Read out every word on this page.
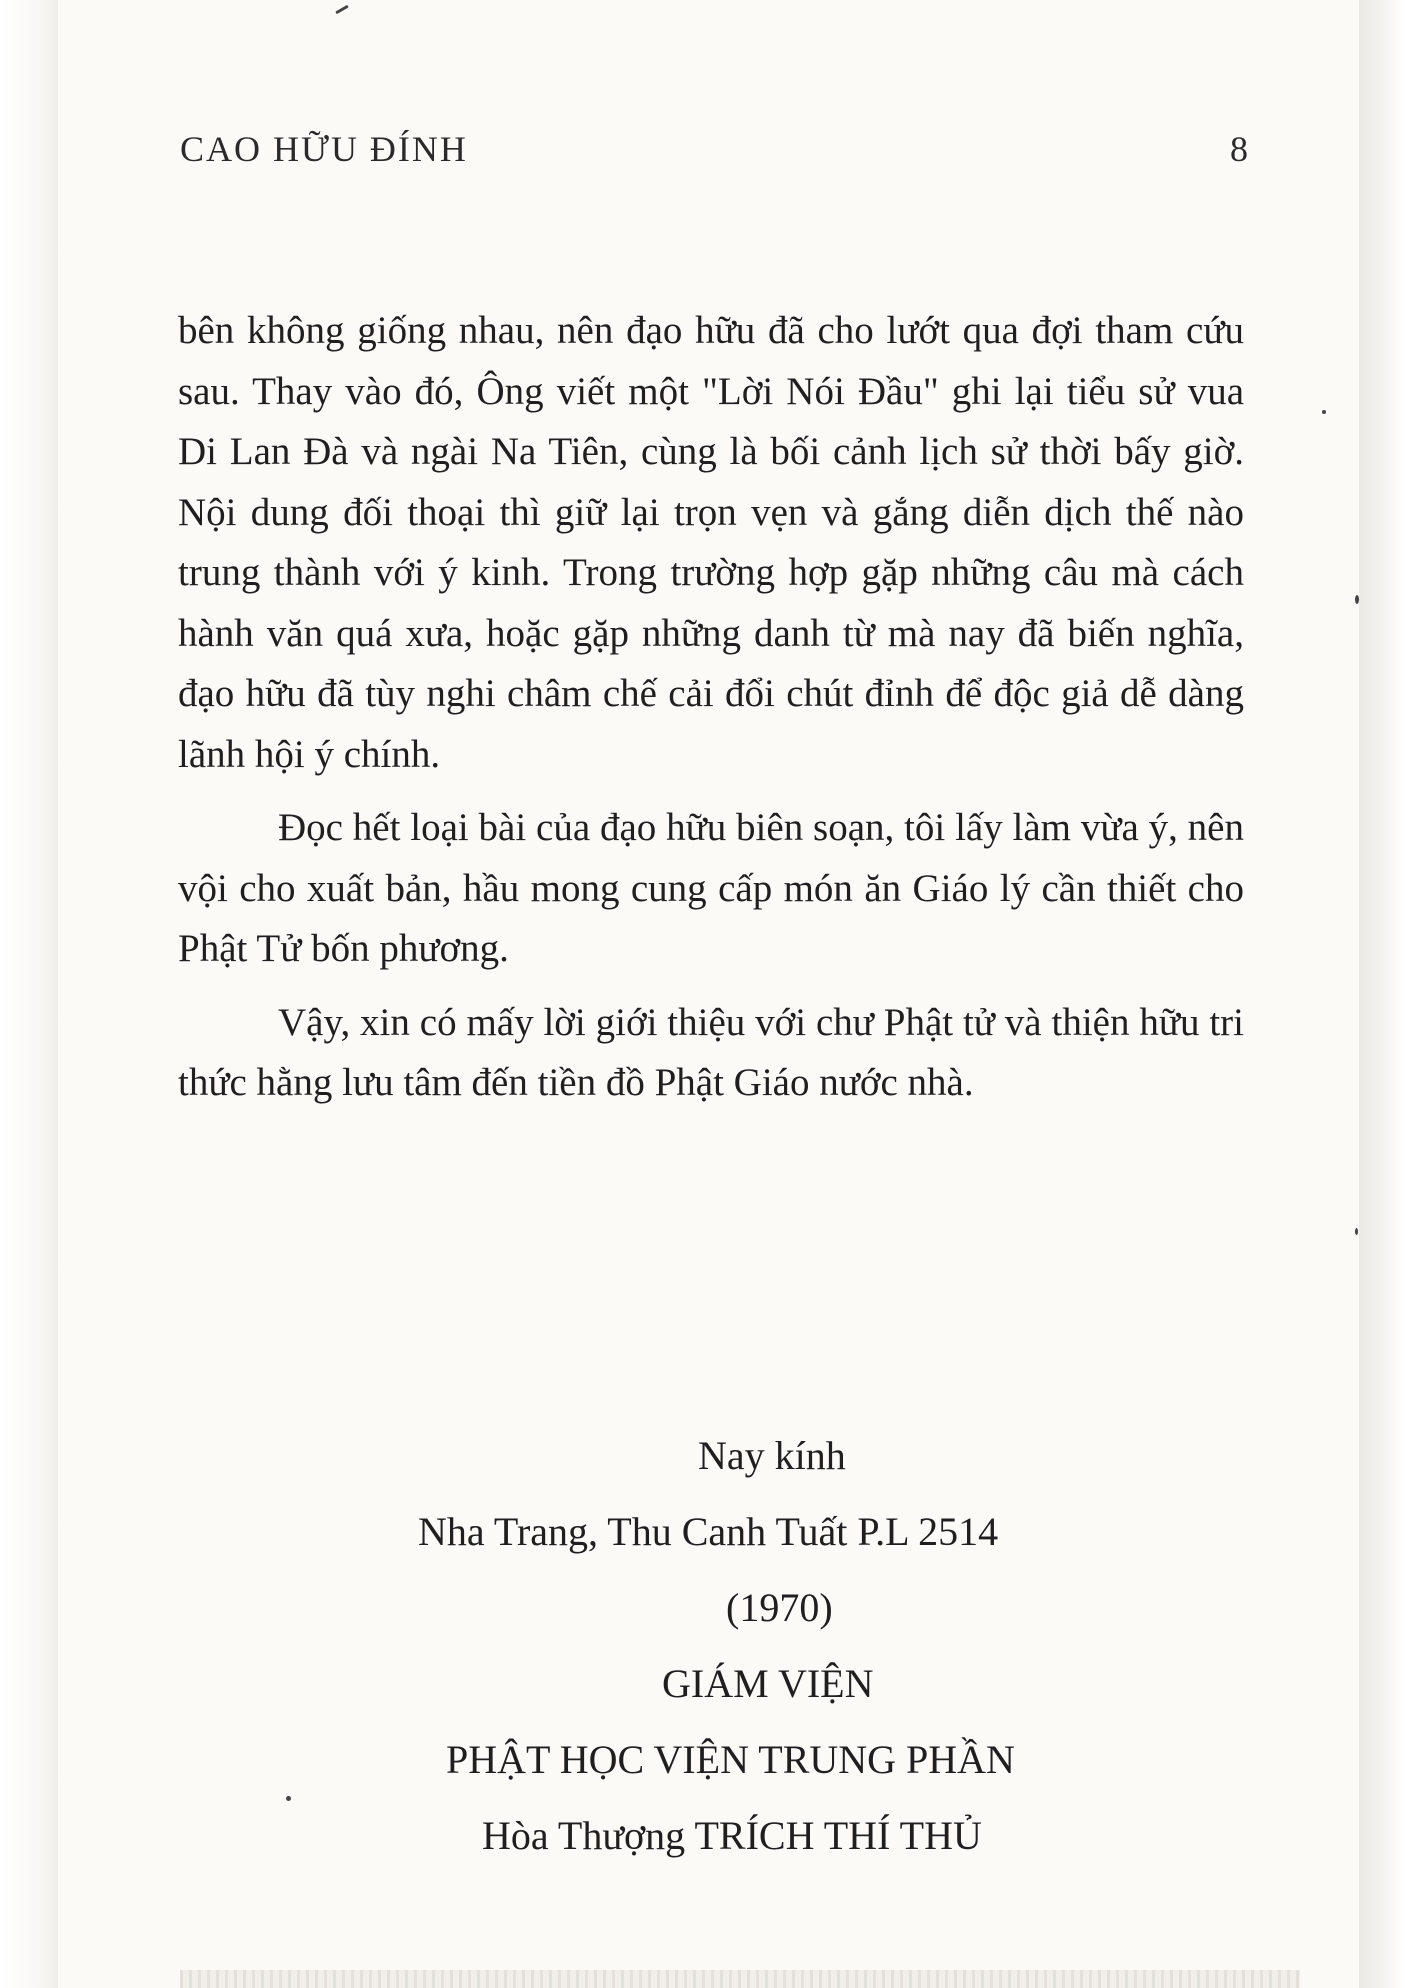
CAO HỮU ĐÍNH	8

bên không giống nhau, nên đạo hữu đã cho lướt qua đợi tham cứu sau. Thay vào đó, Ông viết một "Lời Nói Đầu" ghi lại tiểu sử vua Di Lan Đà và ngài Na Tiên, cùng là bối cảnh lịch sử thời bấy giờ. Nội dung đối thoại thì giữ lại trọn vẹn và gắng diễn dịch thế nào trung thành với ý kinh. Trong trường hợp gặp những câu mà cách hành văn quá xưa, hoặc gặp những danh từ mà nay đã biến nghĩa, đạo hữu đã tùy nghi châm chế cải đổi chút đỉnh để độc giả dễ dàng lãnh hội ý chính.

Đọc hết loại bài của đạo hữu biên soạn, tôi lấy làm vừa ý, nên vội cho xuất bản, hầu mong cung cấp món ăn Giáo lý cần thiết cho Phật Tử bốn phương.

Vậy, xin có mấy lời giới thiệu với chư Phật tử và thiện hữu tri thức hằng lưu tâm đến tiền đồ Phật Giáo nước nhà.

Nay kính
Nha Trang, Thu Canh Tuất P.L 2514
(1970)
GIÁM VIỆN
PHẬT HỌC VIỆN TRUNG PHẦN
Hòa Thượng TRÍCH THÍ THỦ
